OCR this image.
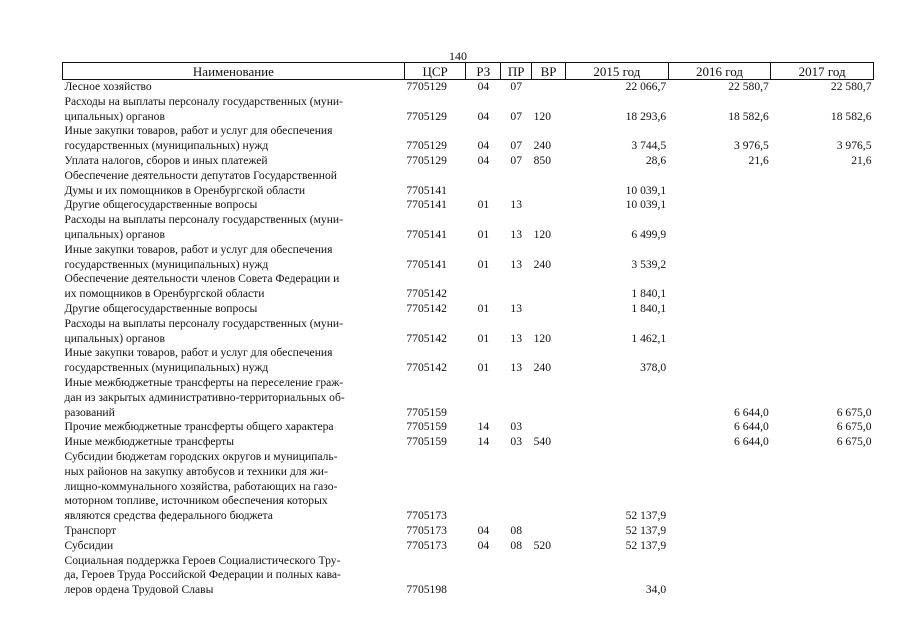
140
Наименование	ЦСР	РЗ	ПР	ВР	2015 год	2016 год	2017 год
Лесное хозяйство	7705129	04	07		22 066,7	22 580,7	22 580,7
Расходы на выплаты персоналу государственных (муни-
ципальных) органов	7705129	04	07	120	18 293,6	18 582,6	18 582,6
Иные закупки товаров, работ и услуг для обеспечения
государственных (муниципальных) нужд	7705129	04	07	240	3 744,5	3 976,5	3 976,5
Уплата налогов, сборов и иных платежей	7705129	04	07	850	28,6	21,6	21,6
Обеспечение деятельности депутатов Государственной
Думы и их помощников в Оренбургской области	7705141				10 039,1		
Другие общегосударственные вопросы	7705141	01	13		10 039,1		
Расходы на выплаты персоналу государственных (муни-
ципальных) органов	7705141	01	13	120	6 499,9		
Иные закупки товаров, работ и услуг для обеспечения
государственных (муниципальных) нужд	7705141	01	13	240	3 539,2		
Обеспечение деятельности членов Совета Федерации и
их помощников в Оренбургской области	7705142				1 840,1		
Другие общегосударственные вопросы	7705142	01	13		1 840,1		
Расходы на выплаты персоналу государственных (муни-
ципальных) органов	7705142	01	13	120	1 462,1		
Иные закупки товаров, работ и услуг для обеспечения
государственных (муниципальных) нужд	7705142	01	13	240	378,0		
Иные межбюджетные трансферты на переселение граж-
дан из закрытых административно-территориальных об-
разований	7705159					6 644,0	6 675,0
Прочие межбюджетные трансферты общего характера	7705159	14	03			6 644,0	6 675,0
Иные межбюджетные трансферты	7705159	14	03	540		6 644,0	6 675,0
Субсидии бюджетам городских округов и муниципаль-
ных районов на закупку автобусов и техники для жи-
лищно-коммунального хозяйства, работающих на газо-
моторном топливе, источником обеспечения которых
являются средства федерального бюджета	7705173				52 137,9		
Транспорт	7705173	04	08		52 137,9		
Субсидии	7705173	04	08	520	52 137,9		
Социальная поддержка Героев Социалистического Тру-
да, Героев Труда Российской Федерации и полных кава-
леров ордена Трудовой Славы	7705198				34,0		
